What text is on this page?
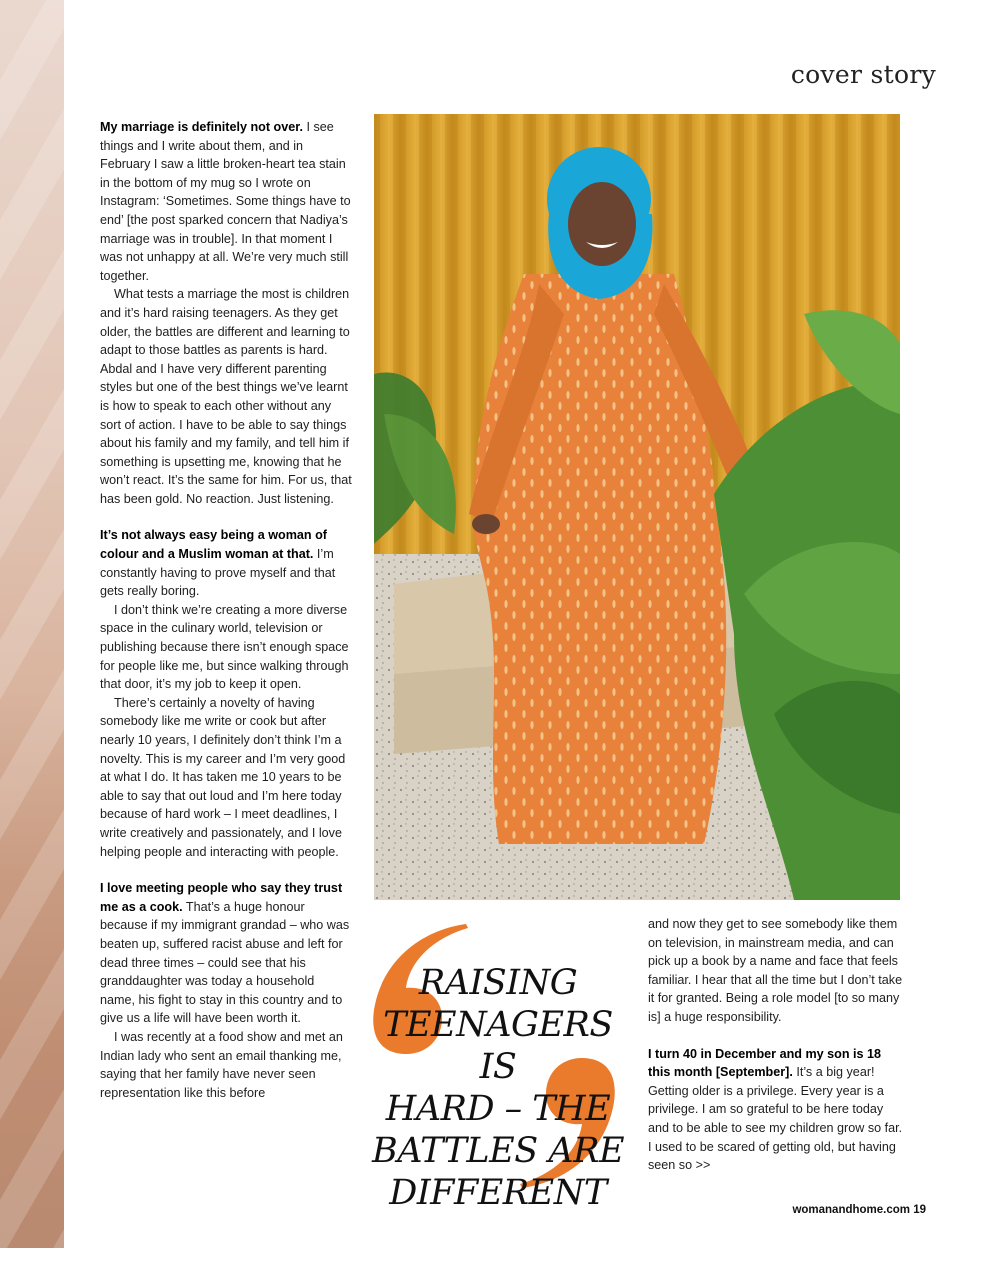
cover story

My marriage is definitely not over. I see things and I write about them, and in February I saw a little broken-heart tea stain in the bottom of my mug so I wrote on Instagram: ‘Sometimes. Some things have to end’ [the post sparked concern that Nadiya’s marriage was in trouble]. In that moment I was not unhappy at all. We’re very much still together.

What tests a marriage the most is children and it’s hard raising teenagers. As they get older, the battles are different and learning to adapt to those battles as parents is hard. Abdal and I have very different parenting styles but one of the best things we’ve learnt is how to speak to each other without any sort of action. I have to be able to say things about his family and my family, and tell him if something is upsetting me, knowing that he won’t react. It’s the same for him. For us, that has been gold. No reaction. Just listening.

It’s not always easy being a woman of colour and a Muslim woman at that. I’m constantly having to prove myself and that gets really boring.

I don’t think we’re creating a more diverse space in the culinary world, television or publishing because there isn’t enough space for people like me, but since walking through that door, it’s my job to keep it open.

There’s certainly a novelty of having somebody like me write or cook but after nearly 10 years, I definitely don’t think I’m a novelty. This is my career and I’m very good at what I do. It has taken me 10 years to be able to say that out loud and I’m here today because of hard work – I meet deadlines, I write creatively and passionately, and I love helping people and interacting with people.

I love meeting people who say they trust me as a cook. That’s a huge honour because if my immigrant grandad – who was beaten up, suffered racist abuse and left for dead three times – could see that his granddaughter was today a household name, his fight to stay in this country and to give us a life will have been worth it.

I was recently at a food show and met an Indian lady who sent an email thanking me, saying that her family have never seen representation like this before

RAISING
TEENAGERS IS
HARD – THE
BATTLES ARE
DIFFERENT

and now they get to see somebody like them on television, in mainstream media, and can pick up a book by a name and face that feels familiar. I hear that all the time but I don’t take it for granted. Being a role model [to so many is] a huge responsibility.

I turn 40 in December and my son is 18 this month [September]. It’s a big year! Getting older is a privilege. Every year is a privilege. I am so grateful to be here today and to be able to see my children grow so far. I used to be scared of getting old, but having seen so >>

womanandhome.com 19
